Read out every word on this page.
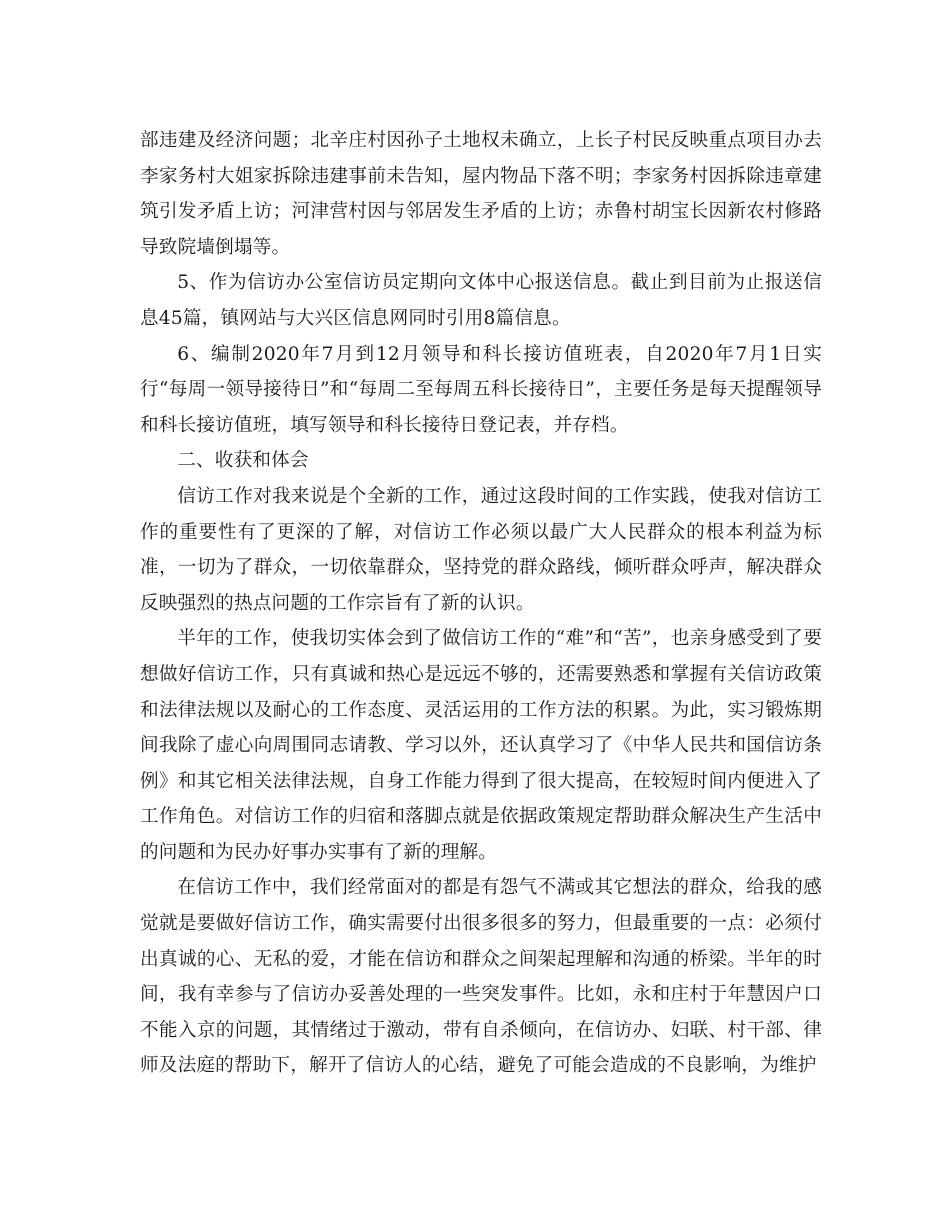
部违建及经济问题；北辛庄村因孙子土地权未确立，上长子村民反映重点项目办去李家务村大姐家拆除违建事前未告知，屋内物品下落不明；李家务村因拆除违章建筑引发矛盾上访；河津营村因与邻居发生矛盾的上访；赤鲁村胡宝长因新农村修路导致院墙倒塌等。

5、作为信访办公室信访员定期向文体中心报送信息。截止到目前为止报送信息45篇，镇网站与大兴区信息网同时引用8篇信息。

6、编制2020年7月到12月领导和科长接访值班表，自2020年7月1日实行“每周一领导接待日”和“每周二至每周五科长接待日”，主要任务是每天提醒领导和科长接访值班，填写领导和科长接待日登记表，并存档。

二、收获和体会

信访工作对我来说是个全新的工作，通过这段时间的工作实践，使我对信访工作的重要性有了更深的了解，对信访工作必须以最广大人民群众的根本利益为标准，一切为了群众，一切依靠群众，坚持党的群众路线，倾听群众呼声，解决群众反映强烈的热点问题的工作宗旨有了新的认识。

半年的工作，使我切实体会到了做信访工作的“难”和“苦”，也亲身感受到了要想做好信访工作，只有真诚和热心是远远不够的，还需要熟悉和掌握有关信访政策和法律法规以及耐心的工作态度、灵活运用的工作方法的积累。为此，实习锻炼期间我除了虚心向周围同志请教、学习以外，还认真学习了《中华人民共和国信访条例》和其它相关法律法规，自身工作能力得到了很大提高，在较短时间内便进入了工作角色。对信访工作的归宿和落脚点就是依据政策规定帮助群众解决生产生活中的问题和为民办好事办实事有了新的理解。

在信访工作中，我们经常面对的都是有怨气不满或其它想法的群众，给我的感觉就是要做好信访工作，确实需要付出很多很多的努力，但最重要的一点：必须付出真诚的心、无私的爱，才能在信访和群众之间架起理解和沟通的桥梁。半年的时间，我有幸参与了信访办妥善处理的一些突发事件。比如，永和庄村于年慧因户口不能入京的问题，其情绪过于激动，带有自杀倾向，在信访办、妇联、村干部、律师及法庭的帮助下，解开了信访人的心结，避免了可能会造成的不良影响，为维护
